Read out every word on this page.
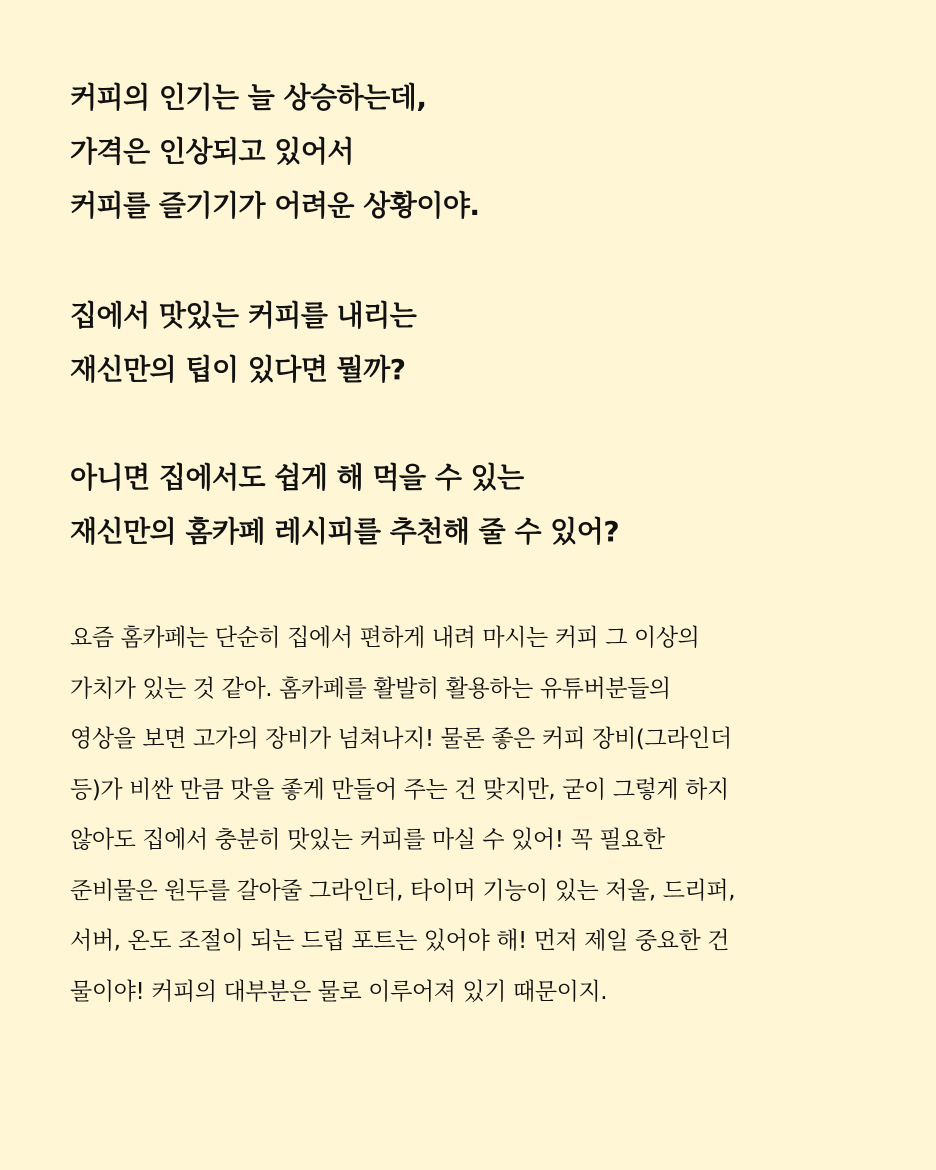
커피의 인기는 늘 상승하는데,
가격은 인상되고 있어서
커피를 즐기기가 어려운 상황이야.
집에서 맛있는 커피를 내리는
재신만의 팁이 있다면 뭘까?
아니면 집에서도 쉽게 해 먹을 수 있는
재신만의 홈카페 레시피를 추천해 줄 수 있어?
요즘 홈카페는 단순히 집에서 편하게 내려 마시는 커피 그 이상의
가치가 있는 것 같아. 홈카페를 활발히 활용하는 유튜버분들의
영상을 보면 고가의 장비가 넘쳐나지! 물론 좋은 커피 장비(그라인더
등)가 비싼 만큼 맛을 좋게 만들어 주는 건 맞지만, 굳이 그렇게 하지
않아도 집에서 충분히 맛있는 커피를 마실 수 있어! 꼭 필요한
준비물은 원두를 갈아줄 그라인더, 타이머 기능이 있는 저울, 드리퍼,
서버, 온도 조절이 되는 드립 포트는 있어야 해! 먼저 제일 중요한 건
물이야! 커피의 대부분은 물로 이루어져 있기 때문이지.
